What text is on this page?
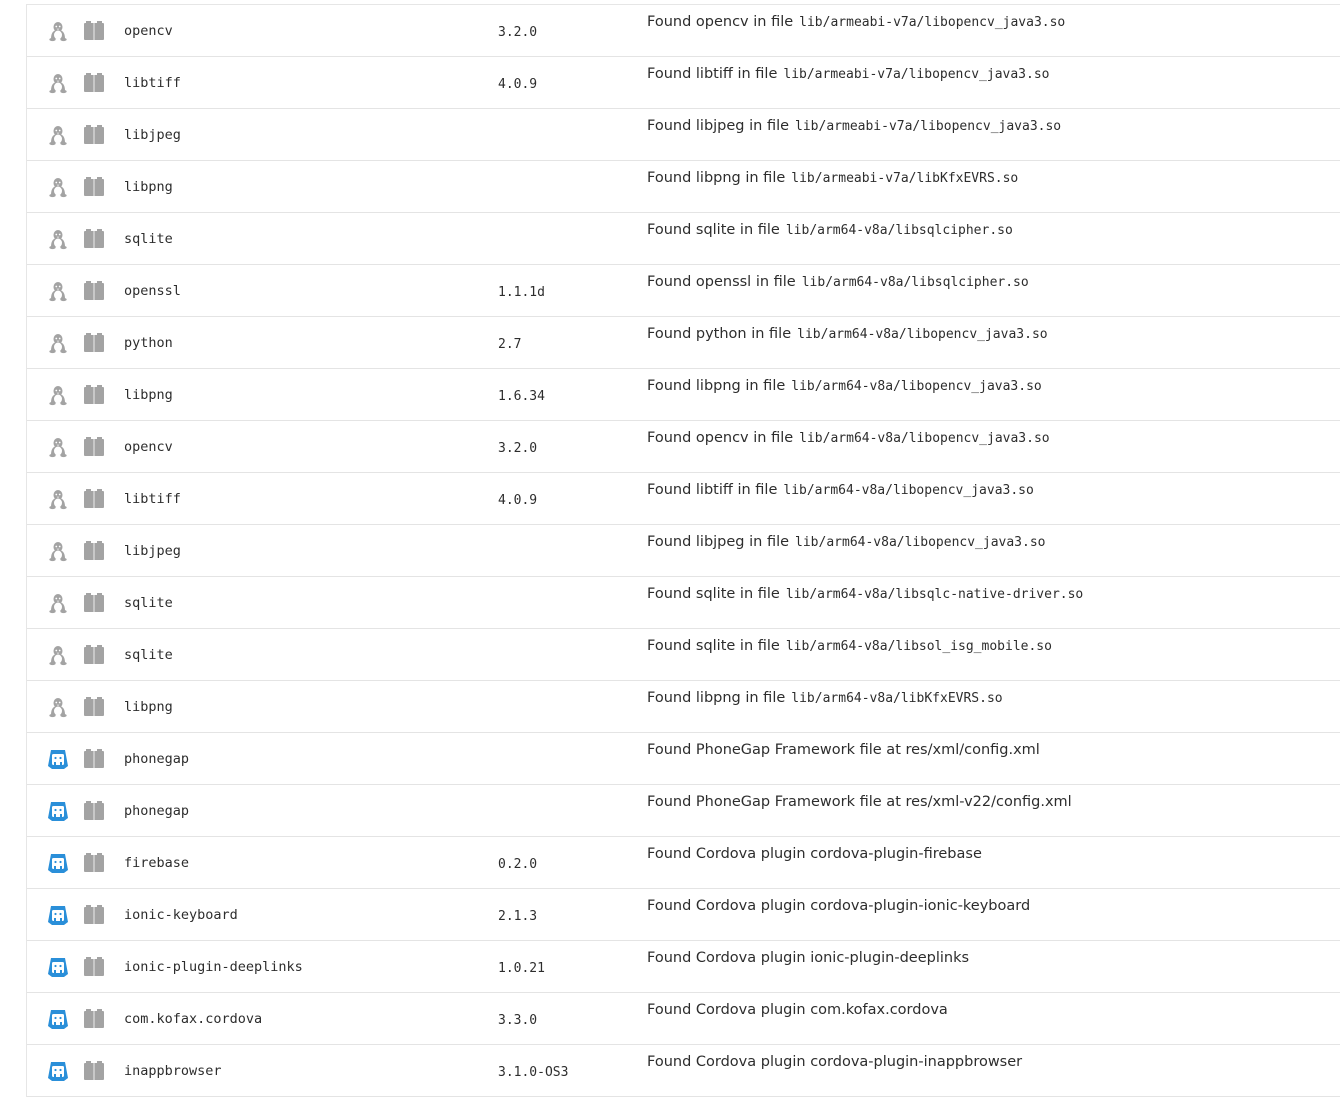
opencv	3.2.0
Found opencv in file lib/armeabi-v7a/libopencv_java3.so
libtiff	4.0.9
Found libtiff in file lib/armeabi-v7a/libopencv_java3.so
libjpeg
Found libjpeg in file lib/armeabi-v7a/libopencv_java3.so
libpng
Found libpng in file lib/armeabi-v7a/libKfxEVRS.so
sqlite
Found sqlite in file lib/arm64-v8a/libsqlcipher.so
openssl	1.1.1d
Found openssl in file lib/arm64-v8a/libsqlcipher.so
python	2.7
Found python in file lib/arm64-v8a/libopencv_java3.so
libpng	1.6.34
Found libpng in file lib/arm64-v8a/libopencv_java3.so
opencv	3.2.0
Found opencv in file lib/arm64-v8a/libopencv_java3.so
libtiff	4.0.9
Found libtiff in file lib/arm64-v8a/libopencv_java3.so
libjpeg
Found libjpeg in file lib/arm64-v8a/libopencv_java3.so
sqlite
Found sqlite in file lib/arm64-v8a/libsqlc-native-driver.so
sqlite
Found sqlite in file lib/arm64-v8a/libsol_isg_mobile.so
libpng
Found libpng in file lib/arm64-v8a/libKfxEVRS.so
phonegap
Found PhoneGap Framework file at res/xml/config.xml
phonegap
Found PhoneGap Framework file at res/xml-v22/config.xml
firebase	0.2.0
Found Cordova plugin cordova-plugin-firebase
ionic-keyboard	2.1.3
Found Cordova plugin cordova-plugin-ionic-keyboard
ionic-plugin-deeplinks	1.0.21
Found Cordova plugin ionic-plugin-deeplinks
com.kofax.cordova	3.3.0
Found Cordova plugin com.kofax.cordova
inappbrowser	3.1.0-OS3
Found Cordova plugin cordova-plugin-inappbrowser
